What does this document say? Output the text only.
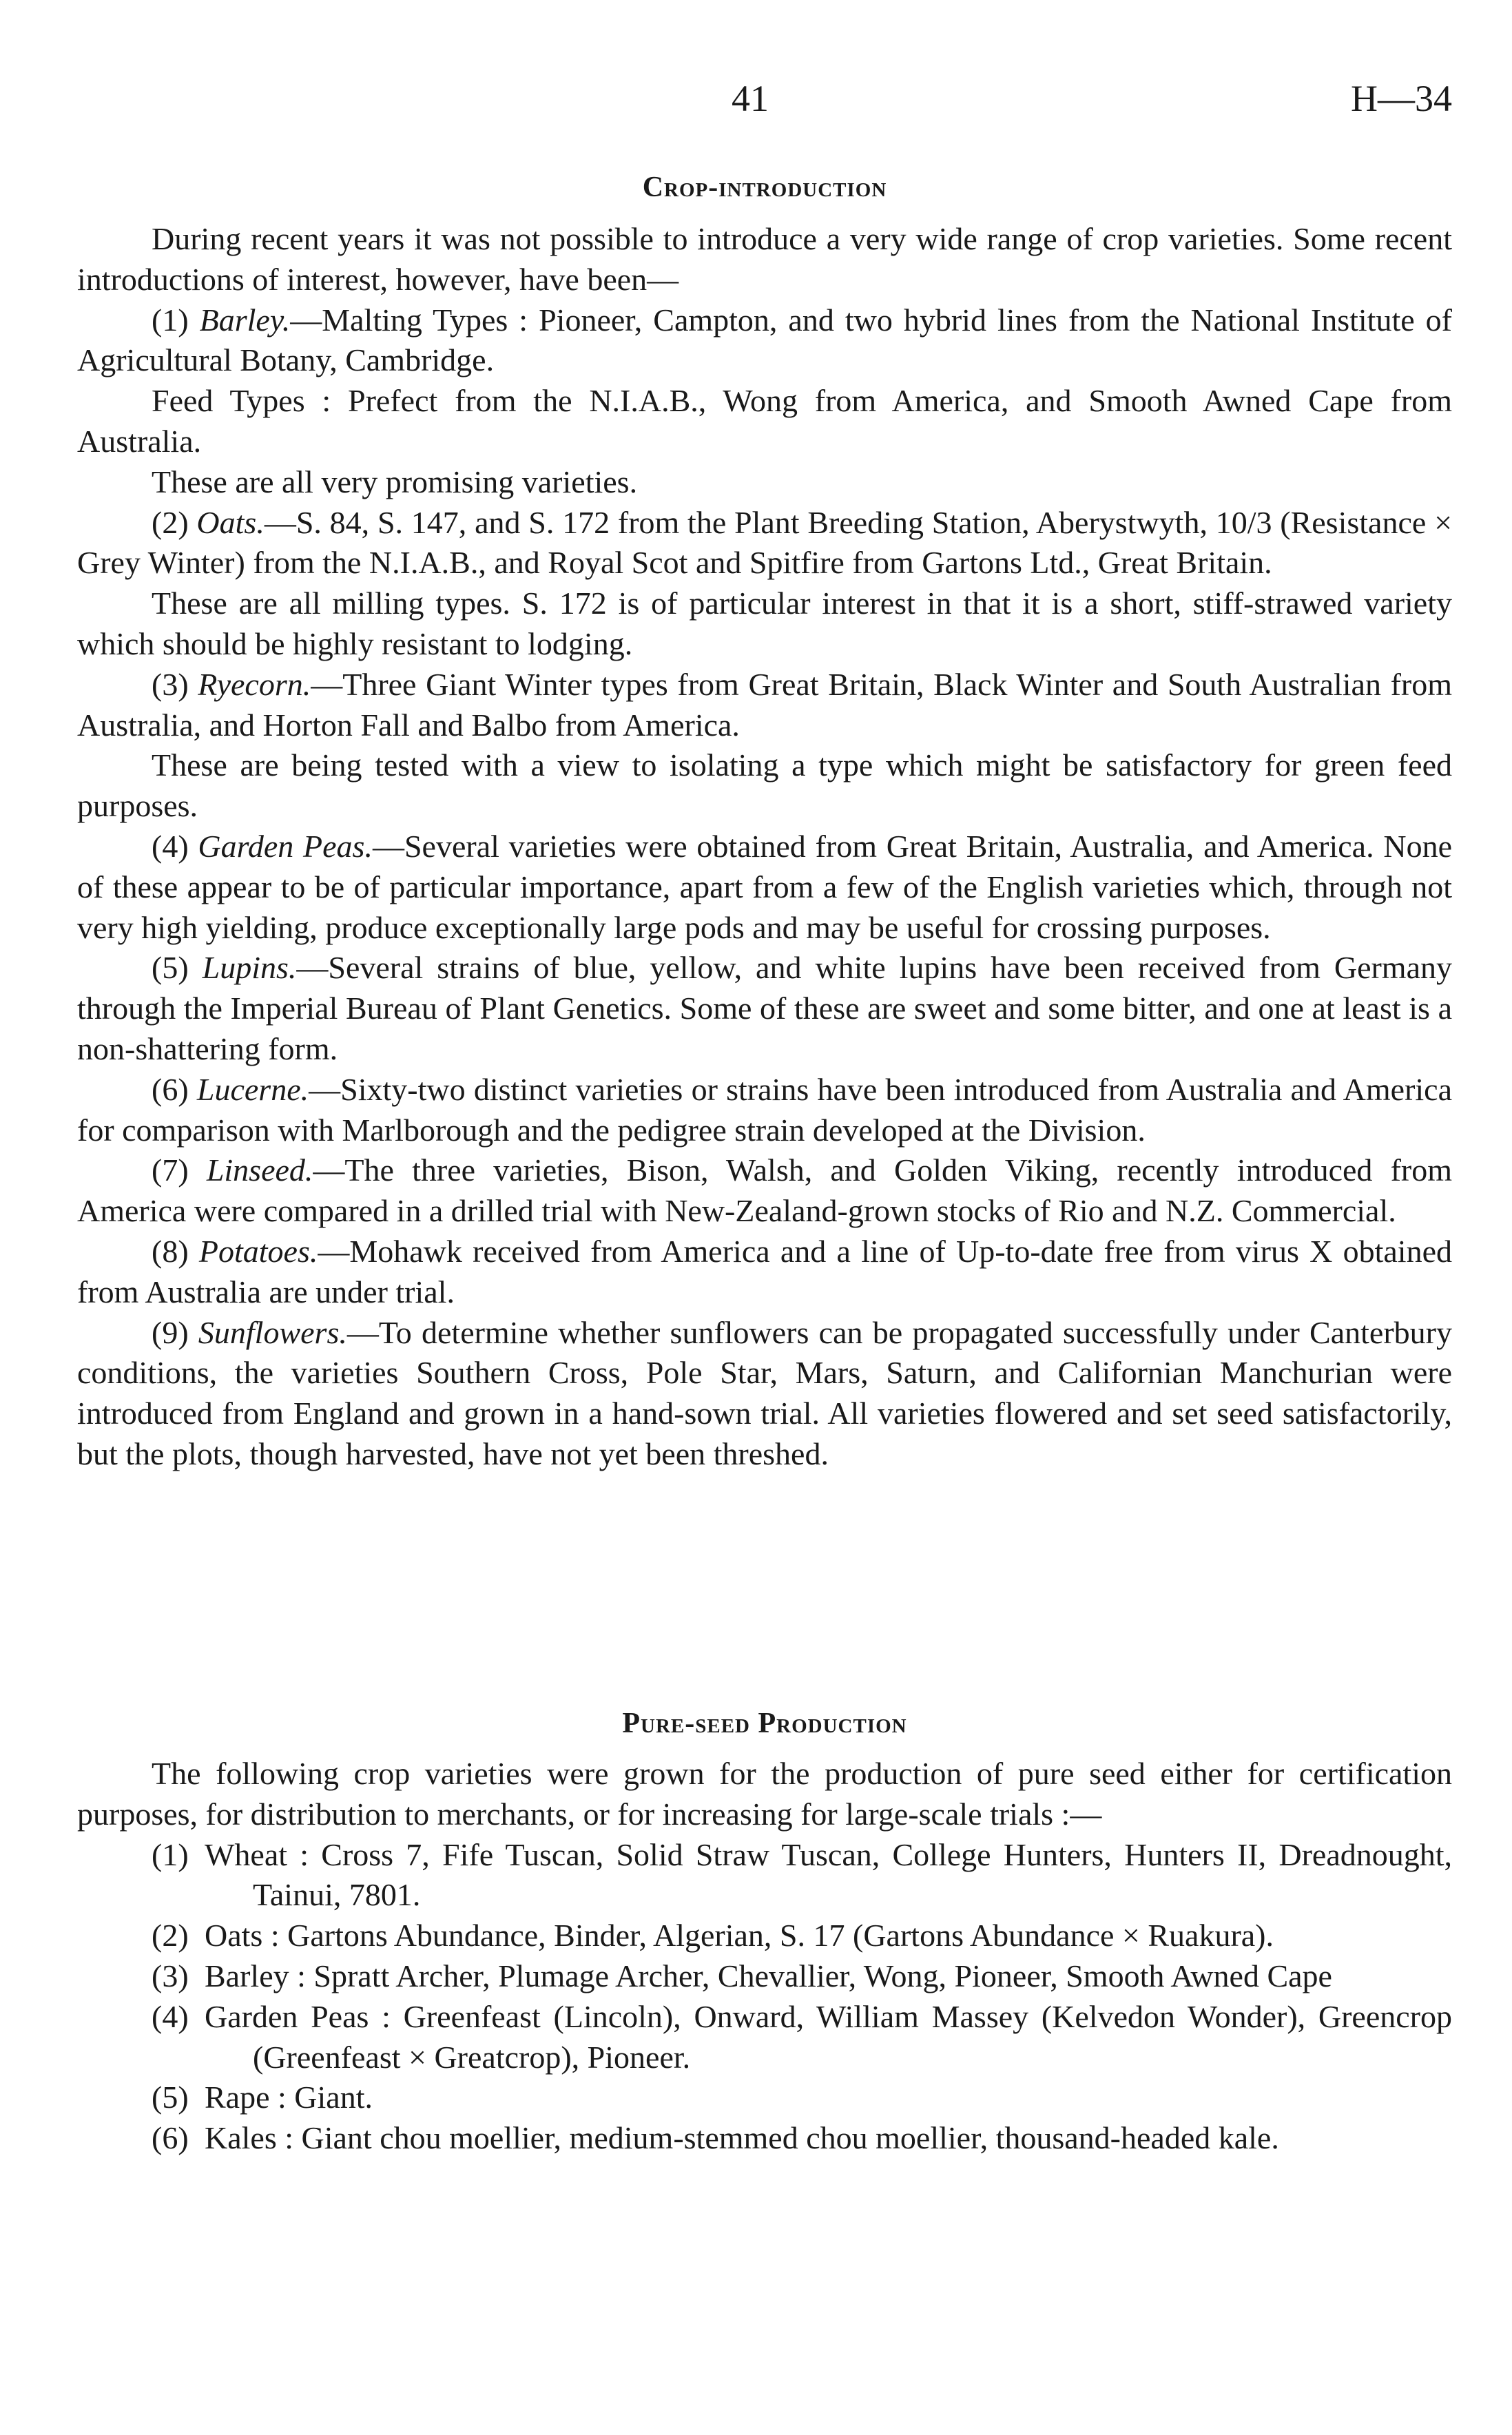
41	H—34
Crop-introduction

During recent years it was not possible to introduce a very wide range of crop varieties. Some recent introductions of interest, however, have been—

(1) Barley.—Malting Types : Pioneer, Campton, and two hybrid lines from the National Institute of Agricultural Botany, Cambridge.

Feed Types : Prefect from the N.I.A.B., Wong from America, and Smooth Awned Cape from Australia.

These are all very promising varieties.

(2) Oats.—S. 84, S. 147, and S. 172 from the Plant Breeding Station, Aberystwyth, 10/3 (Resistance × Grey Winter) from the N.I.A.B., and Royal Scot and Spitfire from Gartons Ltd., Great Britain.

These are all milling types. S. 172 is of particular interest in that it is a short, stiff-strawed variety which should be highly resistant to lodging.

(3) Ryecorn.—Three Giant Winter types from Great Britain, Black Winter and South Australian from Australia, and Horton Fall and Balbo from America.

These are being tested with a view to isolating a type which might be satisfactory for green feed purposes.

(4) Garden Peas.—Several varieties were obtained from Great Britain, Australia, and America. None of these appear to be of particular importance, apart from a few of the English varieties which, through not very high yielding, produce exceptionally large pods and may be useful for crossing purposes.

(5) Lupins.—Several strains of blue, yellow, and white lupins have been received from Germany through the Imperial Bureau of Plant Genetics. Some of these are sweet and some bitter, and one at least is a non-shattering form.

(6) Lucerne.—Sixty-two distinct varieties or strains have been introduced from Australia and America for comparison with Marlborough and the pedigree strain developed at the Division.

(7) Linseed.—The three varieties, Bison, Walsh, and Golden Viking, recently introduced from America were compared in a drilled trial with New-Zealand-grown stocks of Rio and N.Z. Commercial.

(8) Potatoes.—Mohawk received from America and a line of Up-to-date free from virus X obtained from Australia are under trial.

(9) Sunflowers.—To determine whether sunflowers can be propagated successfully under Canterbury conditions, the varieties Southern Cross, Pole Star, Mars, Saturn, and Californian Manchurian were introduced from England and grown in a hand-sown trial. All varieties flowered and set seed satisfactorily, but the plots, though harvested, have not yet been threshed.

Pure-seed Production

The following crop varieties were grown for the production of pure seed either for certification purposes, for distribution to merchants, or for increasing for large-scale trials :—

(1) Wheat : Cross 7, Fife Tuscan, Solid Straw Tuscan, College Hunters, Hunters II, Dreadnought, Tainui, 7801.
(2) Oats : Gartons Abundance, Binder, Algerian, S. 17 (Gartons Abundance × Ruakura).
(3) Barley : Spratt Archer, Plumage Archer, Chevallier, Wong, Pioneer, Smooth Awned Cape
(4) Garden Peas : Greenfeast (Lincoln), Onward, William Massey (Kelvedon Wonder), Greencrop (Greenfeast × Greatcrop), Pioneer.
(5) Rape : Giant.
(6) Kales : Giant chou moellier, medium-stemmed chou moellier, thousand-headed kale.
